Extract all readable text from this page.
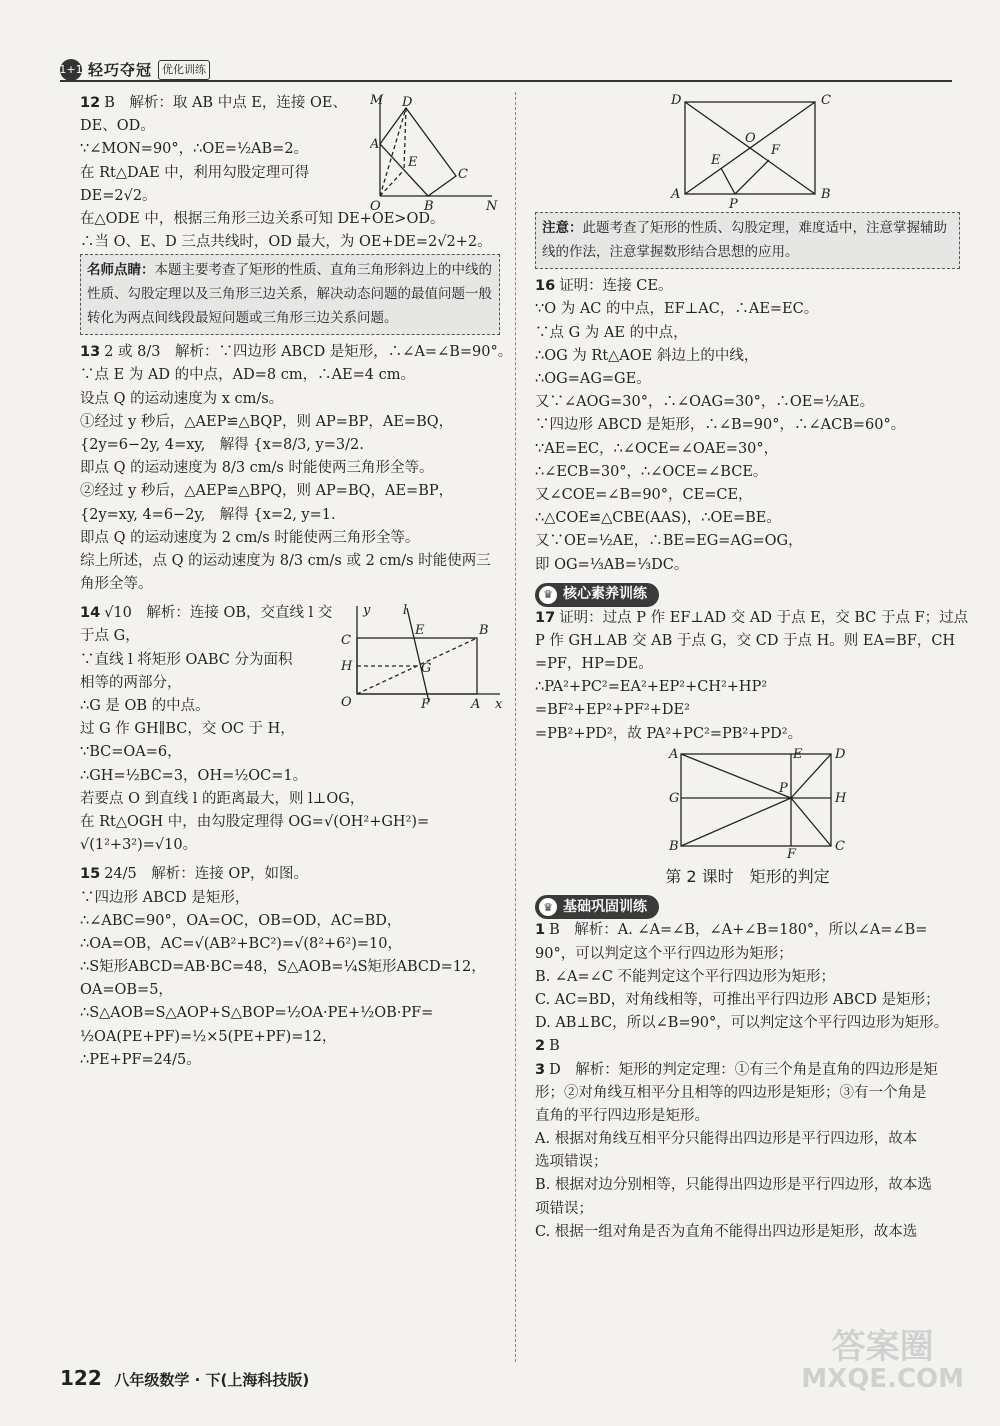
1+1 轻巧夺冠 优化训练
M
A
D
E
C
O	B	N

12 B　解析：取 AB 中点 E，连接 OE、

DE、OD。

∵∠MON=90°，∴OE=½AB=2。

在 Rt△DAE 中，利用勾股定理可得

DE=2√2。

在△ODE 中，根据三角形三边关系可知 DE+OE>OD。

∴当 O、E、D 三点共线时，OD 最大，为 OE+DE=2√2+2。

名师点睛：本题主要考查了矩形的性质、直角三角形斜边上的中线的性质、勾股定理以及三角形三边关系，解决动态问题的最值问题一般转化为两点间线段最短问题或三角形三边关系问题。

13 2 或 8/3　解析：∵四边形 ABCD 是矩形，∴∠A=∠B=90°。

∵点 E 为 AD 的中点，AD=8 cm，∴AE=4 cm。

设点 Q 的运动速度为 x cm/s。

①经过 y 秒后，△AEP≌△BQP，则 AP=BP，AE=BQ，

{2y=6−2y, 4=xy,　解得 {x=8/3, y=3/2.

即点 Q 的运动速度为 8/3 cm/s 时能使两三角形全等。

②经过 y 秒后，△AEP≌△BPQ，则 AP=BQ，AE=BP，

{2y=xy, 4=6−2y,　解得 {x=2, y=1.

即点 Q 的运动速度为 2 cm/s 时能使两三角形全等。

综上所述，点 Q 的运动速度为 8/3 cm/s 或 2 cm/s 时能使两三

角形全等。

y	l
E	B
C
H	G
O	F	A x

14 √10　解析：连接 OB，交直线 l 交

于点 G，

∵直线 l 将矩形 OABC 分为面积

相等的两部分，

∴G 是 OB 的中点。

过 G 作 GH∥BC，交 OC 于 H，

∵BC=OA=6，

∴GH=½BC=3，OH=½OC=1。

若要点 O 到直线 l 的距离最大，则 l⊥OG，

在 Rt△OGH 中，由勾股定理得 OG=√(OH²+GH²)=

√(1²+3²)=√10。

15 24/5　解析：连接 OP，如图。

∵四边形 ABCD 是矩形，

∴∠ABC=90°，OA=OC，OB=OD，AC=BD，

∴OA=OB，AC=√(AB²+BC²)=√(8²+6²)=10，

∴S矩形ABCD=AB·BC=48，S△AOB=¼S矩形ABCD=12，

OA=OB=5，

∴S△AOB=S△AOP+S△BOP=½OA·PE+½OB·PF=

½OA(PE+PF)=½×5(PE+PF)=12，

∴PE+PF=24/5。

D	C
O
E
F
A
P
B
注意：此题考查了矩形的性质、勾股定理，难度适中，注意掌握辅助线的作法，注意掌握数形结合思想的应用。

16 证明：连接 CE。

∵O 为 AC 的中点，EF⊥AC，∴AE=EC。

∵点 G 为 AE 的中点，

∴OG 为 Rt△AOE 斜边上的中线，

∴OG=AG=GE。

又∵∠AOG=30°，∴∠OAG=30°，∴OE=½AE。

∵四边形 ABCD 是矩形，∴∠B=90°，∴∠ACB=60°。

∵AE=EC，∴∠OCE=∠OAE=30°，

∴∠ECB=30°，∴∠OCE=∠BCE。

又∠COE=∠B=90°，CE=CE，

∴△COE≌△CBE(AAS)，∴OE=BE。

又∵OE=½AE，∴BE=EG=AG=OG，

即 OG=⅓AB=⅓DC。

♛ 核心素养训练

17 证明：过点 P 作 EF⊥AD 交 AD 于点 E，交 BC 于点 F；过点

P 作 GH⊥AB 交 AB 于点 G，交 CD 于点 H。则 EA=BF，CH

=PF，HP=DE。

∴PA²+PC²=EA²+EP²+CH²+HP²

=BF²+EP²+PF²+DE²

=PB²+PD²，故 PA²+PC²=PB²+PD²。

A	E	D
G
P
H
B
F
C

第 2 课时　矩形的判定

♛ 基础巩固训练

1 B　解析：A. ∠A=∠B，∠A+∠B=180°，所以∠A=∠B=

90°，可以判定这个平行四边形为矩形；

B. ∠A=∠C 不能判定这个平行四边形为矩形；

C. AC=BD，对角线相等，可推出平行四边形 ABCD 是矩形；

D. AB⊥BC，所以∠B=90°，可以判定这个平行四边形为矩形。

2 B

3 D　解析：矩形的判定定理：①有三个角是直角的四边形是矩

形；②对角线互相平分且相等的四边形是矩形；③有一个角是

直角的平行四边形是矩形。

A. 根据对角线互相平分只能得出四边形是平行四边形，故本

选项错误；

B. 根据对边分别相等，只能得出四边形是平行四边形，故本选

项错误；

C. 根据一组对角是否为直角不能得出四边形是矩形，故本选

122 八年级数学 · 下(上海科技版)
答案圈
MXQE.COM
